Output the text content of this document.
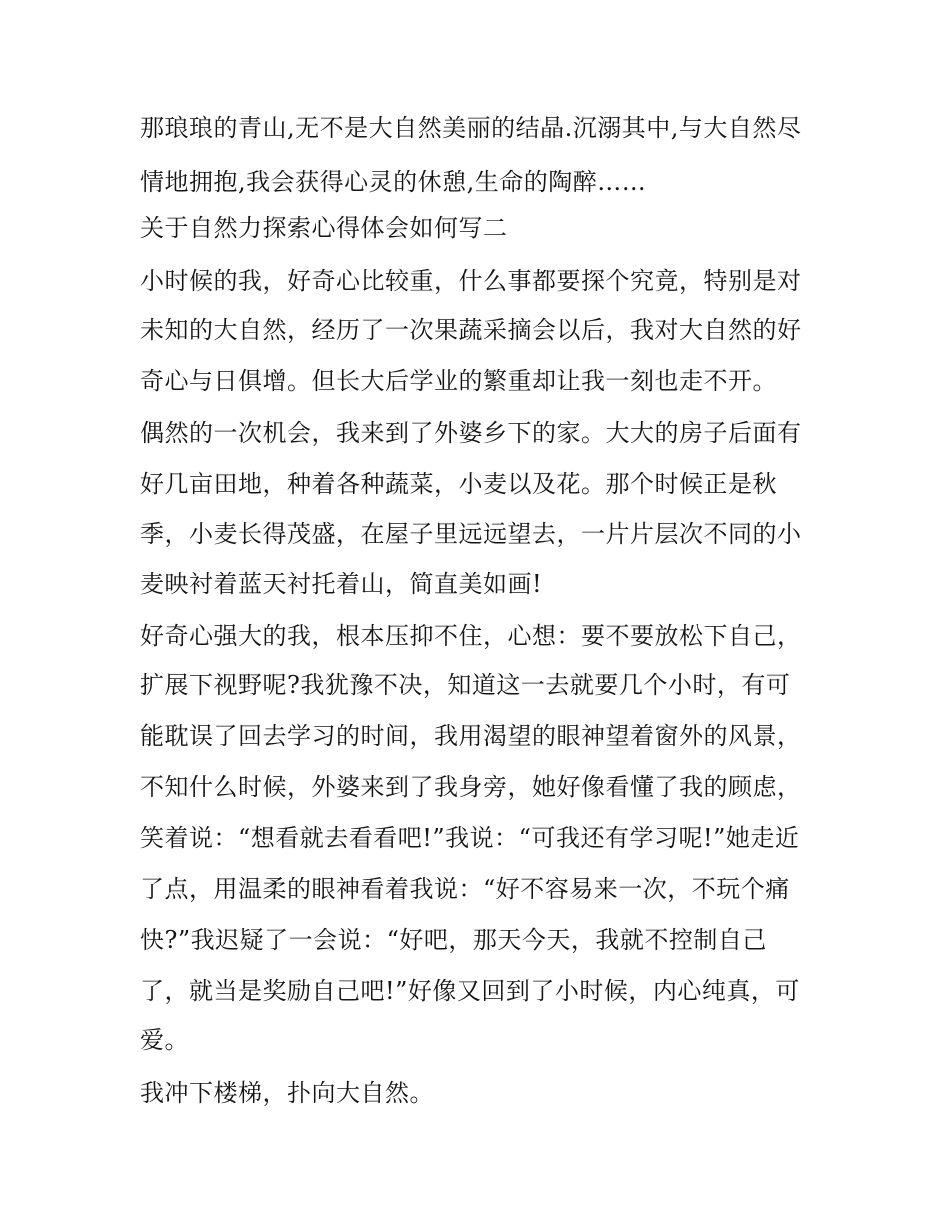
那琅琅的青山,无不是大自然美丽的结晶.沉溺其中,与大自然尽
情地拥抱,我会获得心灵的休憩,生命的陶醉……
关于自然力探索心得体会如何写二
小时候的我，好奇心比较重，什么事都要探个究竟，特别是对
未知的大自然，经历了一次果蔬采摘会以后，我对大自然的好
奇心与日俱增。但长大后学业的繁重却让我一刻也走不开。
偶然的一次机会，我来到了外婆乡下的家。大大的房子后面有
好几亩田地，种着各种蔬菜，小麦以及花。那个时候正是秋
季，小麦长得茂盛，在屋子里远远望去，一片片层次不同的小
麦映衬着蓝天衬托着山，简直美如画!
好奇心强大的我，根本压抑不住，心想：要不要放松下自己，
扩展下视野呢?我犹豫不决，知道这一去就要几个小时，有可
能耽误了回去学习的时间，我用渴望的眼神望着窗外的风景，
不知什么时候，外婆来到了我身旁，她好像看懂了我的顾虑，
笑着说：“想看就去看看吧!”我说：“可我还有学习呢!”她走近
了点，用温柔的眼神看着我说：“好不容易来一次，不玩个痛
快?”我迟疑了一会说：“好吧，那天今天，我就不控制自己
了，就当是奖励自己吧!”好像又回到了小时候，内心纯真，可
爱。
我冲下楼梯，扑向大自然。
